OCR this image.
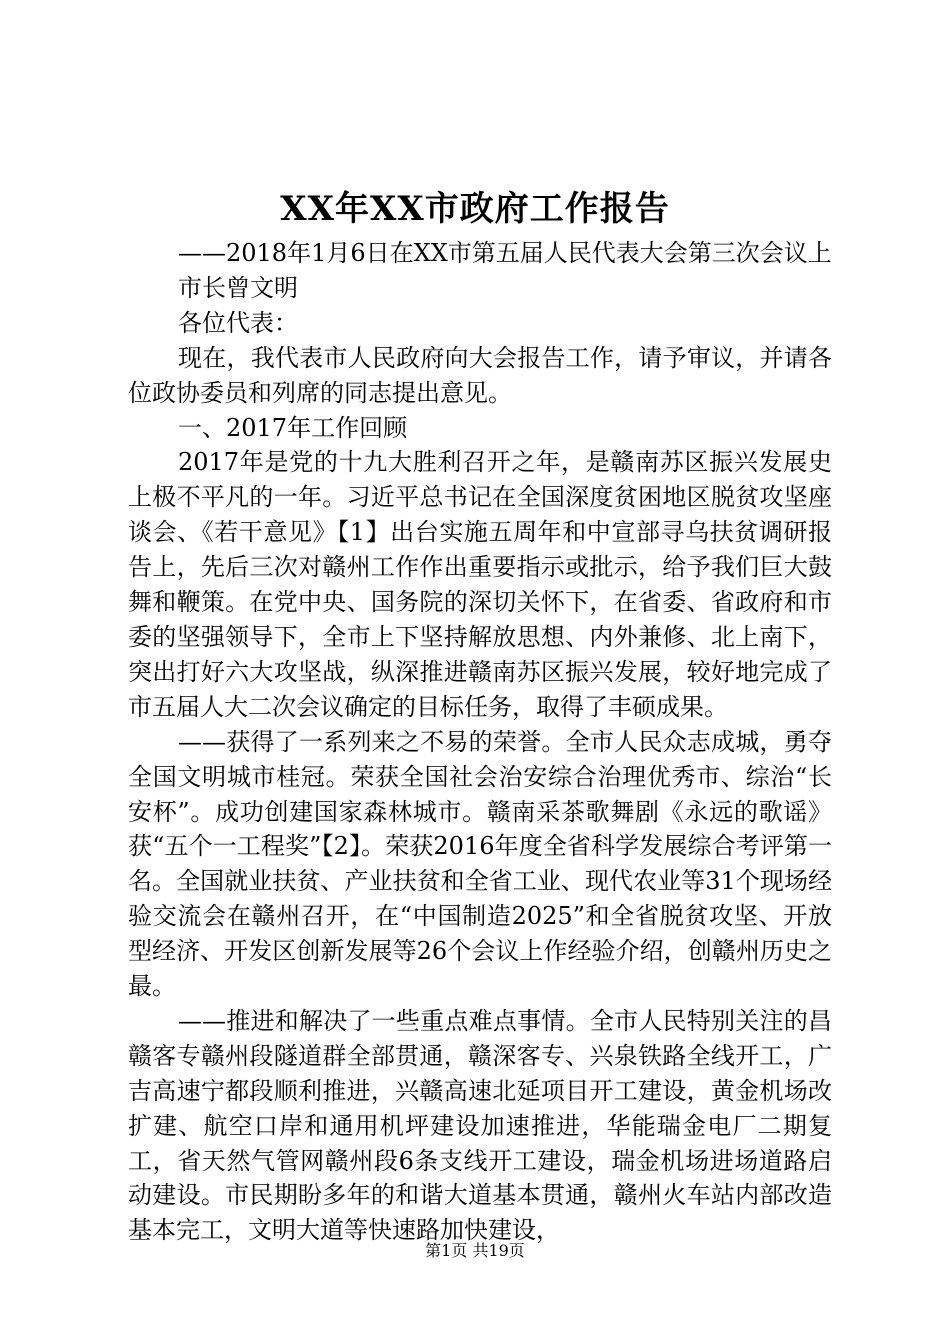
XX年XX市政府工作报告

——2018年1月6日在XX市第五届人民代表大会第三次会议上

市长曾文明

各位代表：

现在，我代表市人民政府向大会报告工作，请予审议，并请各位政协委员和列席的同志提出意见。

一、2017年工作回顾

2017年是党的十九大胜利召开之年，是赣南苏区振兴发展史上极不平凡的一年。习近平总书记在全国深度贫困地区脱贫攻坚座谈会、《若干意见》【1】出台实施五周年和中宣部寻乌扶贫调研报告上，先后三次对赣州工作作出重要指示或批示，给予我们巨大鼓舞和鞭策。在党中央、国务院的深切关怀下，在省委、省政府和市委的坚强领导下，全市上下坚持解放思想、内外兼修、北上南下，突出打好六大攻坚战，纵深推进赣南苏区振兴发展，较好地完成了市五届人大二次会议确定的目标任务，取得了丰硕成果。

——获得了一系列来之不易的荣誉。全市人民众志成城，勇夺全国文明城市桂冠。荣获全国社会治安综合治理优秀市、综治“长安杯”。成功创建国家森林城市。赣南采茶歌舞剧《永远的歌谣》获“五个一工程奖”【2】。荣获2016年度全省科学发展综合考评第一名。全国就业扶贫、产业扶贫和全省工业、现代农业等31个现场经验交流会在赣州召开，在“中国制造2025”和全省脱贫攻坚、开放型经济、开发区创新发展等26个会议上作经验介绍，创赣州历史之最。

——推进和解决了一些重点难点事情。全市人民特别关注的昌赣客专赣州段隧道群全部贯通，赣深客专、兴泉铁路全线开工，广吉高速宁都段顺利推进，兴赣高速北延项目开工建设，黄金机场改扩建、航空口岸和通用机坪建设加速推进，华能瑞金电厂二期复工，省天然气管网赣州段6条支线开工建设，瑞金机场进场道路启动建设。市民期盼多年的和谐大道基本贯通，赣州火车站内部改造基本完工，文明大道等快速路加快建设，

第1页 共19页
